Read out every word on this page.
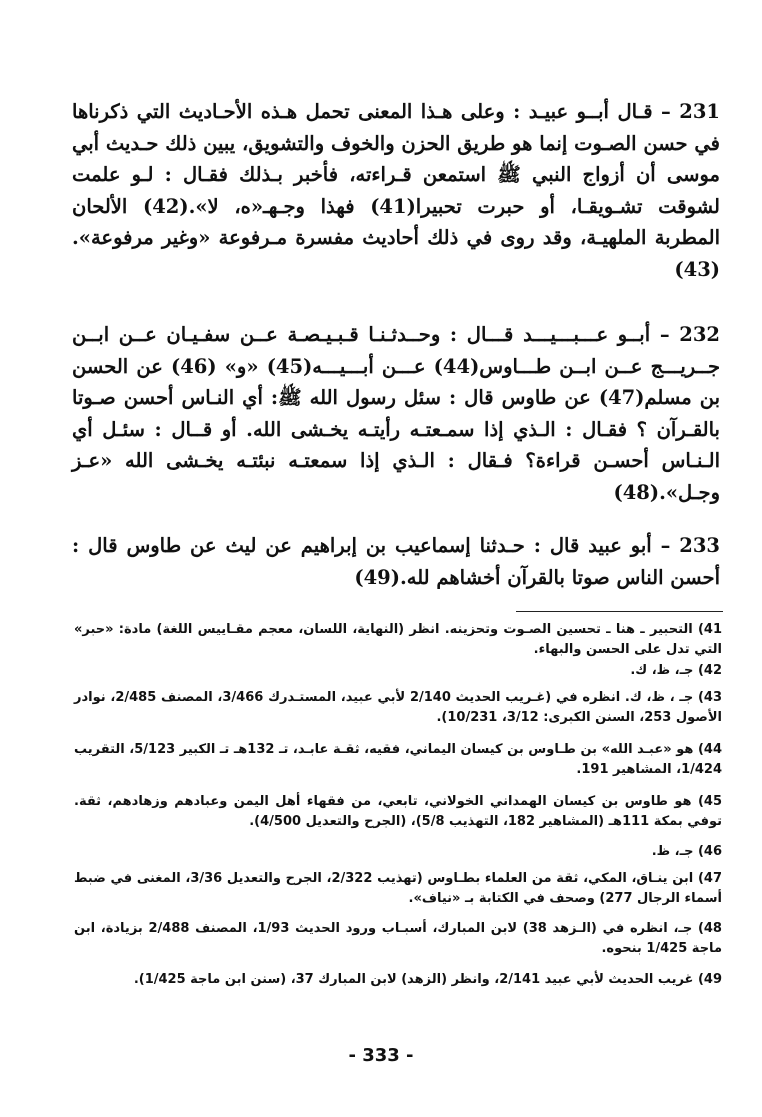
231 – قـال أبــو عبيـد : وعلى هـذا المعنى تحمل هـذه الأحـاديث التي ذكرناها في حسن الصـوت إنما هو طريق الحزن والخوف والتشويق، يبين ذلك حـديث أبي موسى أن أزواج النبي ﷺ استمعن قـراءته، فأخبر بـذلك فقـال : لـو علمت لشوقت تشـويقـا، أو حبرت تحبيرا(41) فهذا وجـهـ«ه، لا».(42) الألحان المطربة الملهيـة، وقد روى في ذلك أحاديث مفسرة مـرفوعة «وغير مرفوعة».(43)

232 – أبــو عـــبـــيـــد قـــال : وحــدثـنـا قـبـيـصـة عــن سفـيـان عــن ابــن جــريـــج عــن ابــن طـــاوس(44) عـــن أبـــيـــه(45) «و» (46) عن الحسن بن مسلم(47) عن طاوس قال : سئل رسول الله ﷺ: أي النـاس أحسن صـوتا بالقـرآن ؟ فقـال : الـذي إذا سمـعتـه رأيتـه يخـشى الله. أو قــال : سئـل أي الـنـاس أحسـن قراءة؟ فـقال : الـذي إذا سمعتـه نبئتـه يخـشى الله «عـز وجـل».(48)

233 – أبو عبيد قال : حـدثنا إسماعيب بن إبراهيم عن ليث عن طاوس قال : أحسن الناس صوتا بالقرآن أخشاهم لله.(49)

41) التحبير ـ هنا ـ تحسين الصـوت وتحزينه. انظر (النهاية، اللسان، معجم مقـاييس اللغة) مادة: «حبر» التي تدل على الحسن والبهاء.

42) جـ، ظ، ك.

43) جـ ، ظ، ك. انظره في (غـريب الحديث 2/140 لأبي عبيد، المستـدرك 3/466، المصنف 2/485، نوادر الأصول 253، السنن الكبرى: 3/12، 10/231).

44) هو «عبـد الله» بن طـاوس بن كيسان اليماني، فقيه، ثقـة عابـد، تـ 132هـ تـ الكبير 5/123، التقريب 1/424، المشاهير 191.

45) هو طاوس بن كيسان الهمداني الخولاني، تابعي، من فقهاء أهل اليمن وعبادهم وزهادهم، ثقة. توفي بمكة 111هـ (المشاهير 182، التهذيب 5/8)، (الجرح والتعديل 4/500).

46) جـ، ظ.

47) ابن ينـاق، المكي، ثقة من العلماء بطـاوس (تهذيب 2/322، الجرح والتعديل 3/36، المغنى في ضبط أسماء الرجال 277) وصحف في الكتابة بـ «نياف».

48) جـ، انظره في (الـزهد 38) لابن المبارك، أسبـاب ورود الحديث 1/93، المصنف 2/488 بزيادة، ابن ماجة 1/425 بنحوه.

49) غريب الحديث لأبي عبيد 2/141، وانظر (الزهد) لابن المبارك 37، (سنن ابن ماجة 1/425).

- 333 -
